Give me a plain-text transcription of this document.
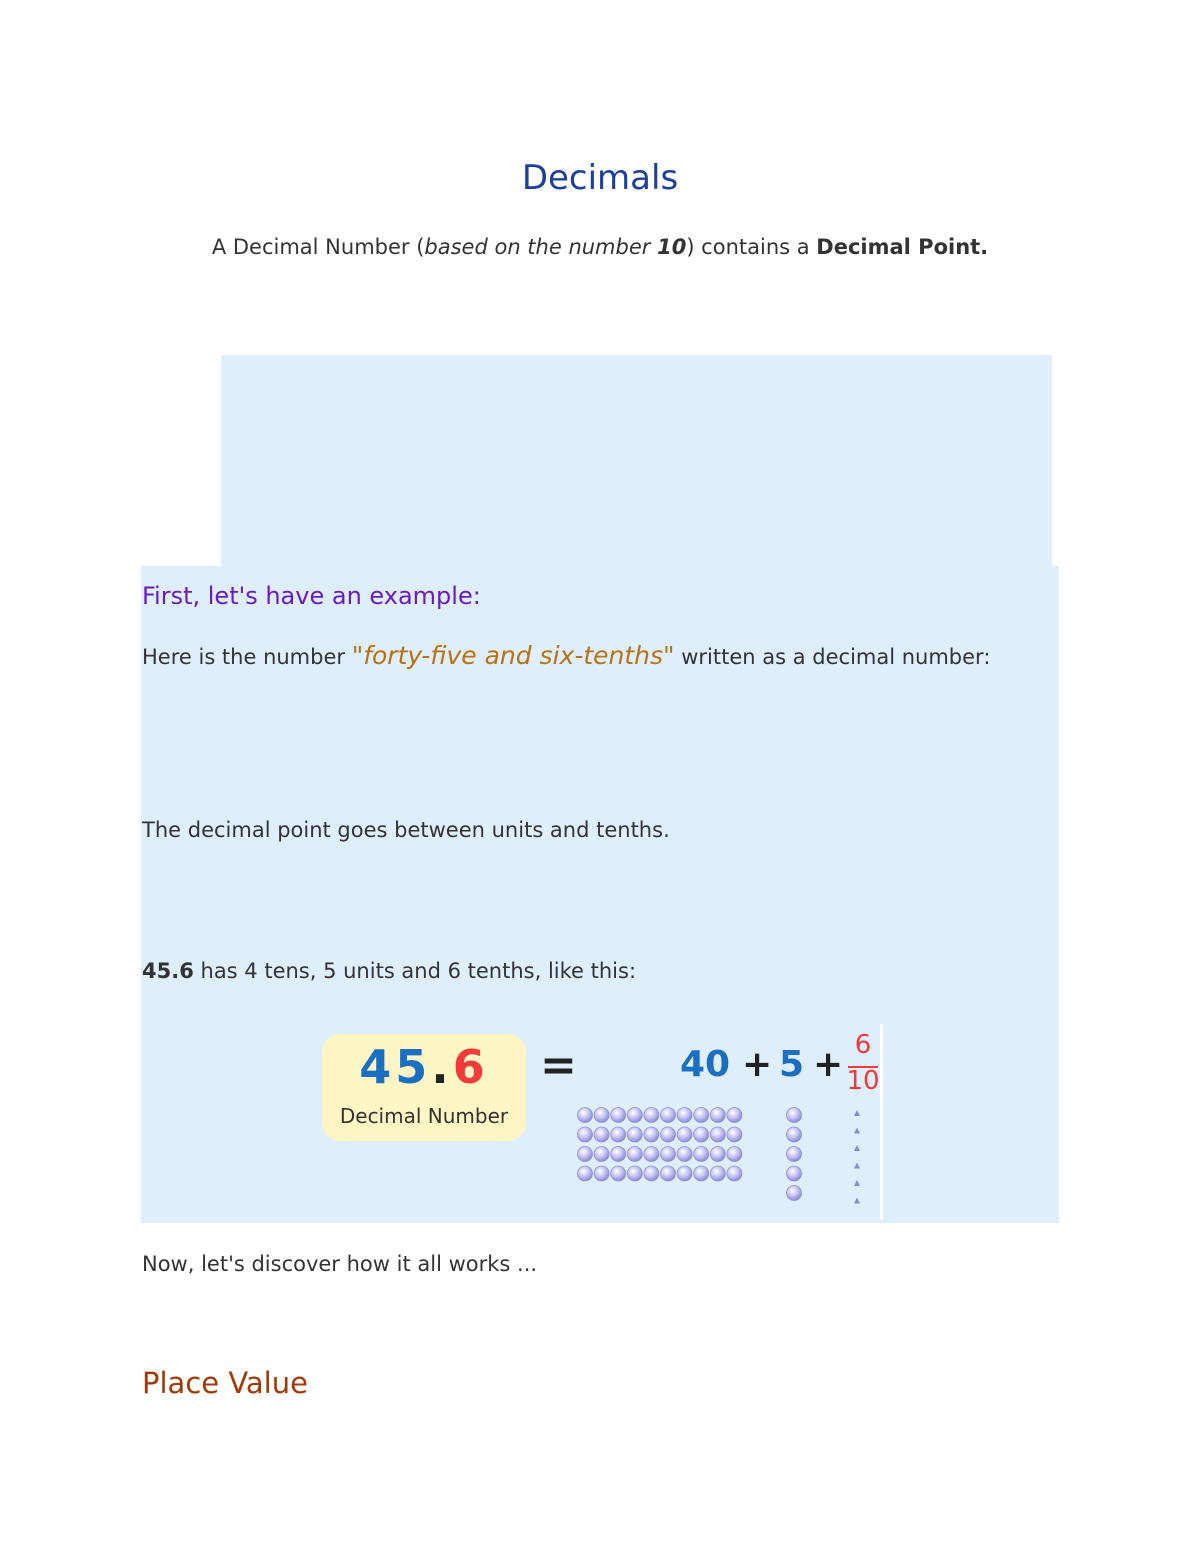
Decimals
A Decimal Number (based on the number 10) contains a Decimal Point.
First, let's have an example:
Here is the number "forty-five and six-tenths" written as a decimal number:
The decimal point goes between units and tenths.
45.6 has 4 tens, 5 units and 6 tenths, like this:
45.6
Decimal Number
=	40 + 5 + 6
10
Now, let's discover how it all works ...
Place Value
